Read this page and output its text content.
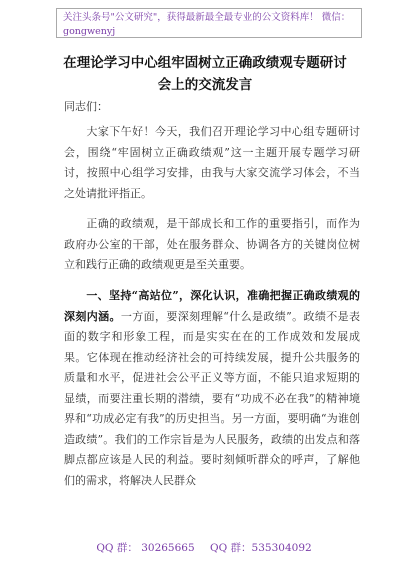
关注头条号"公文研究"，获得最新最全最专业的公文资料库！ 微信：gongwenyj
在理论学习中心组牢固树立正确政绩观专题研讨会上的交流发言
同志们：

大家下午好！今天，我们召开理论学习中心组专题研讨会，围绕“牢固树立正确政绩观”这一主题开展专题学习研讨，按照中心组学习安排，由我与大家交流学习体会，不当之处请批评指正。

正确的政绩观，是干部成长和工作的重要指引，而作为政府办公室的干部，处在服务群众、协调各方的关键岗位树立和践行正确的政绩观更是至关重要。

一、坚持“高站位”，深化认识，准确把握正确政绩观的深刻内涵。一方面，要深刻理解“什么是政绩”。政绩不是表面的数字和形象工程，而是实实在在的工作成效和发展成果。它体现在推动经济社会的可持续发展，提升公共服务的质量和水平，促进社会公平正义等方面，不能只追求短期的显绩，而要注重长期的潜绩，要有“功成不必在我”的精神境界和“功成必定有我”的历史担当。另一方面，要明确“为谁创造政绩”。我们的工作宗旨是为人民服务，政绩的出发点和落脚点都应该是人民的利益。要时刻倾听群众的呼声，了解他们的需求，将解决人民群众

QQ 群： 30265665 QQ 群：535304092
